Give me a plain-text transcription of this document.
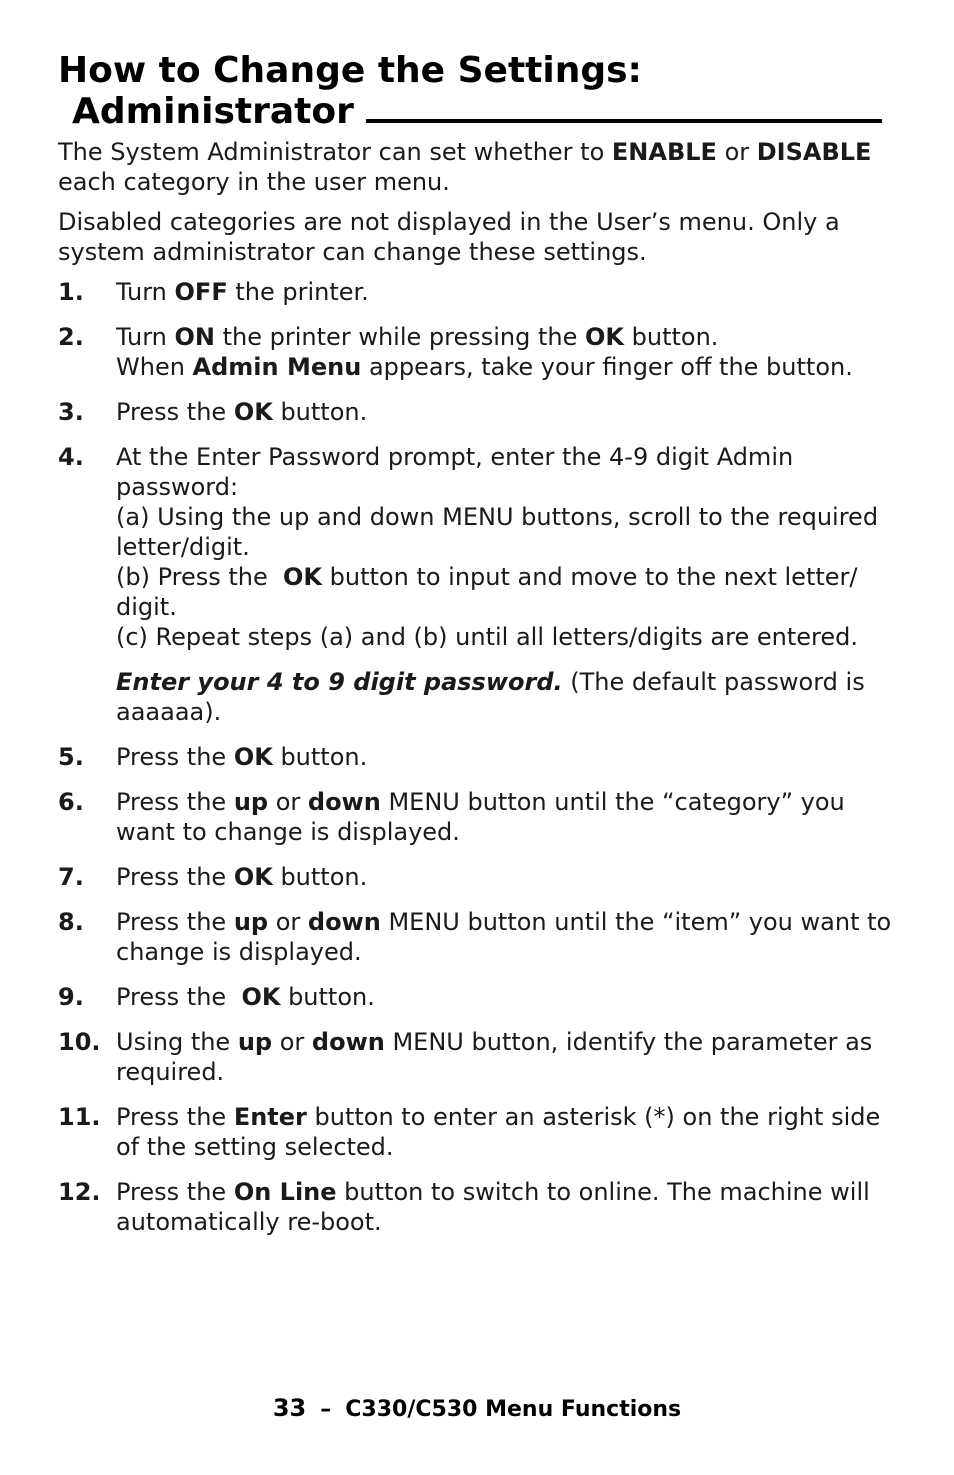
How to Change the Settings:
Administrator

The System Administrator can set whether to ENABLE or DISABLE each category in the user menu.

Disabled categories are not displayed in the User’s menu. Only a system administrator can change these settings.

1. Turn OFF the printer.
2. Turn ON the printer while pressing the OK button.
When Admin Menu appears, take your finger off the button.
3. Press the OK button.
4. At the Enter Password prompt, enter the 4-9 digit Admin password:
(a) Using the up and down MENU buttons, scroll to the required letter/digit.
(b) Press the  OK button to input and move to the next letter/ digit.
(c) Repeat steps (a) and (b) until all letters/digits are entered.
Enter your 4 to 9 digit password. (The default password is aaaaaa).
5. Press the OK button.
6. Press the up or down MENU button until the “category” you want to change is displayed.
7. Press the OK button.
8. Press the up or down MENU button until the “item” you want to change is displayed.
9. Press the  OK button.
10. Using the up or down MENU button, identify the parameter as required.
11. Press the Enter button to enter an asterisk (*) on the right side of the setting selected.
12. Press the On Line button to switch to online. The machine will automatically re-boot.
33 – C330/C530 Menu Functions
